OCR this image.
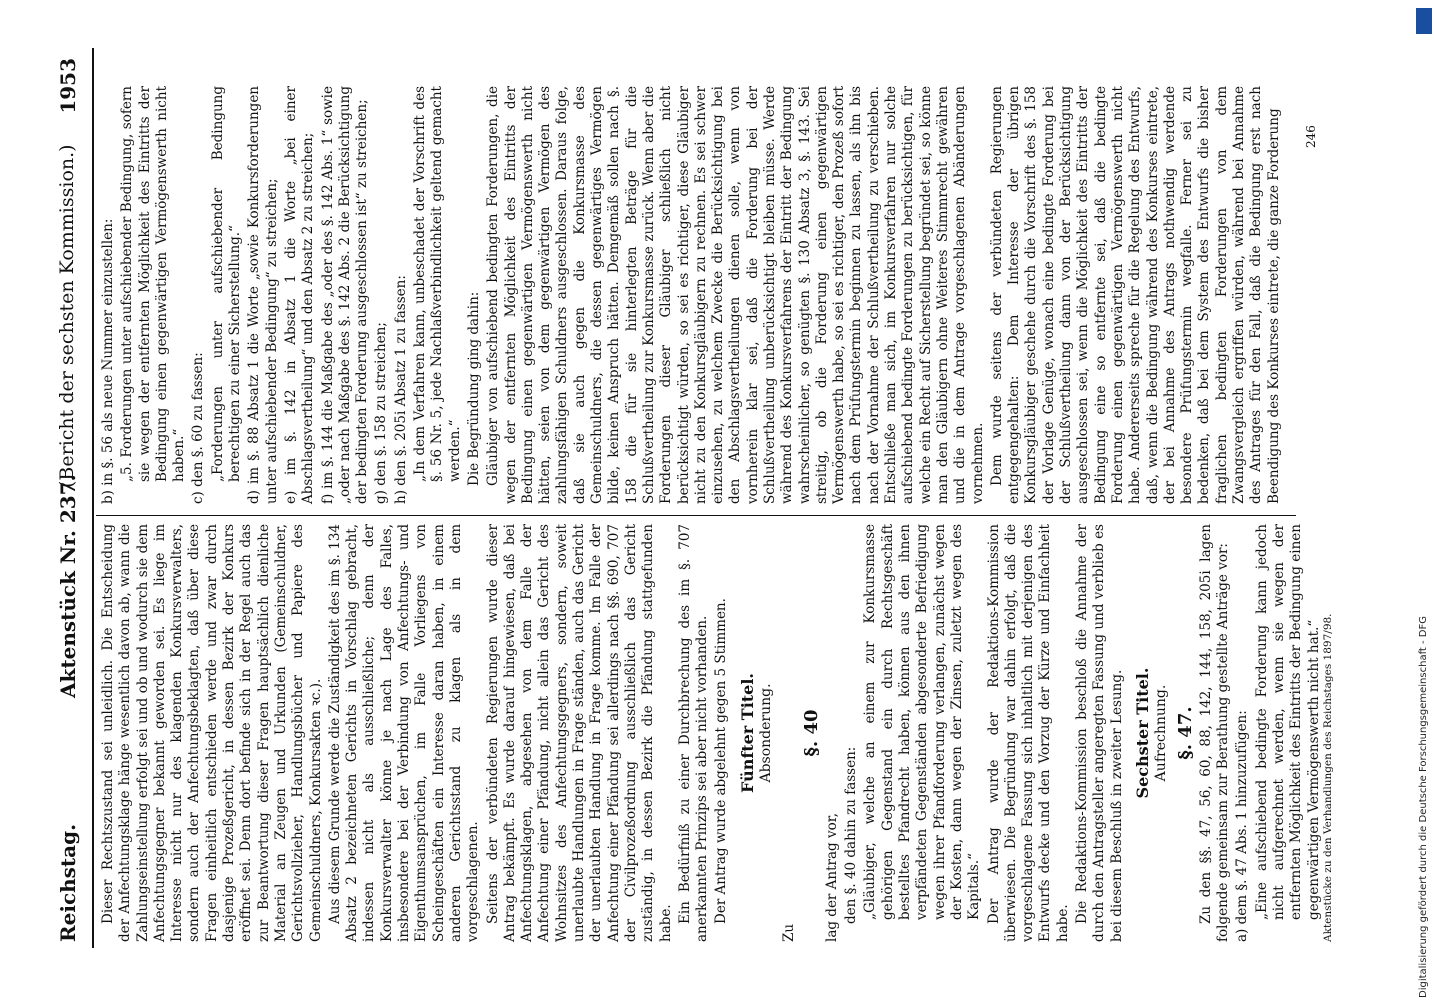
Reichstag.
Aktenstück Nr. 237.
(Bericht der sechsten Kommission.)
1953

Dieser Rechtszustand sei unleidlich. Die Entscheidung der Anfechtungsklage hänge wesentlich davon ab, wann die Zahlungseinstellung erfolgt sei und ob und wodurch sie dem Anfechtungsgegner bekannt geworden sei. Es liege im Interesse nicht nur des klagenden Konkursverwalters, sondern auch der Anfechtungsbeklagten, daß über diese Fragen einheitlich entschieden werde und zwar durch dasjenige Prozeßgericht, in dessen Bezirk der Konkurs eröffnet sei. Denn dort befinde sich in der Regel auch das zur Beantwortung dieser Fragen hauptsächlich dienliche Material an Zeugen und Urkunden (Gemeinschuldner, Gerichtsvollzieher, Handlungsbücher und Papiere des Gemeinschuldners, Konkursakten ꝛc.). Aus diesem Grunde werde die Zuständigkeit des im §. 134 Absatz 2 bezeichneten Gerichts in Vorschlag gebracht, indessen nicht als ausschließliche; denn der Konkursverwalter könne je nach Lage des Falles, insbesondere bei der Verbindung von Anfechtungs- und Eigenthumsansprüchen, im Falle Vorliegens von Scheingeschäften ein Interesse daran haben, in einem anderen Gerichtsstand zu klagen als in dem vorgeschlagenen. Seitens der verbündeten Regierungen wurde dieser Antrag bekämpft. Es wurde darauf hingewiesen, daß bei Anfechtungsklagen, abgesehen von dem Falle der Anfechtung einer Pfändung, nicht allein das Gericht des Wohnsitzes des Anfechtungsgegners, sondern, soweit unerlaubte Handlungen in Frage ständen, auch das Gericht der unerlaubten Handlung in Frage komme. Im Falle der Anfechtung einer Pfändung sei allerdings nach §§. 690, 707 der Civilprozeßordnung ausschließlich das Gericht zuständig, in dessen Bezirk die Pfändung stattgefunden habe. Ein Bedürfniß zu einer Durchbrechung des im §. 707 anerkannten Prinzips sei aber nicht vorhanden. Der Antrag wurde abgelehnt gegen 5 Stimmen. Fünfter Titel. Absonderung.

Zu

§. 40

lag der Antrag vor, den §. 40 dahin zu fassen: „Gläubiger, welche an einem zur Konkursmasse gehörigen Gegenstand ein durch Rechtsgeschäft bestelltes Pfandrecht haben, können aus den ihnen verpfändeten Gegenständen abgesonderte Befriedigung wegen ihrer Pfandforderung verlangen, zunächst wegen der Kosten, dann wegen der Zinsen, zuletzt wegen des Kapitals.“ Der Antrag wurde der Redaktions-Kommission überwiesen. Die Begründung war dahin erfolgt, daß die vorgeschlagene Fassung sich inhaltlich mit derjenigen des Entwurfs decke und den Vorzug der Kürze und Einfachheit habe. Die Redaktions-Kommission beschloß die Annahme der durch den Antragsteller angeregten Fassung und verblieb es bei diesem Beschluß in zweiter Lesung. Sechster Titel. Aufrechnung. §. 47. Zu den §§. 47, 56, 60, 88, 142, 144, 158, 205i lagen folgende gemeinsam zur Berathung gestellte Anträge vor: a) dem §. 47 Abs. 1 hinzuzufügen: „Eine aufschiebend bedingte Forderung kann jedoch nicht aufgerechnet werden, wenn sie wegen der entfernten Möglichkeit des Eintritts der Bedingung einen gegenwärtigen Vermögenswerth nicht hat.“

b) in §. 56 als neue Nummer einzustellen: „5. Forderungen unter aufschiebender Bedingung, sofern sie wegen der entfernten Möglichkeit des Eintritts der Bedingung einen gegenwärtigen Vermögenswerth nicht haben.“ c) den §. 60 zu fassen: „Forderungen unter aufschiebender Bedingung berechtigen zu einer Sicherstellung.“ d) im §. 88 Absatz 1 die Worte „sowie Konkursforderungen unter aufschiebender Bedingung“ zu streichen; e) im §. 142 in Absatz 1 die Worte „bei einer Abschlagsvertheilung“ und den Absatz 2 zu streichen; f) im §. 144 die Maßgabe des „oder des §. 142 Abs. 1“ sowie „oder nach Maßgabe des §. 142 Abs. 2 die Berücksichtigung der bedingten Forderung ausgeschlossen ist“ zu streichen; g) den §. 158 zu streichen; h) den §. 205i Absatz 1 zu fassen: „In dem Verfahren kann, unbeschadet der Vorschrift des §. 56 Nr. 5, jede Nachlaßverbindlichkeit geltend gemacht werden.“ Die Begründung ging dahin: Gläubiger von aufschiebend bedingten Forderungen, die wegen der entfernten Möglichkeit des Eintritts der Bedingung einen gegenwärtigen Vermögenswerth nicht hätten, seien von dem gegenwärtigen Vermögen des zahlungsfähigen Schuldners ausgeschlossen. Daraus folge, daß sie auch gegen die Konkursmasse des Gemeinschuldners, die dessen gegenwärtiges Vermögen bilde, keinen Anspruch hätten. Demgemäß sollen nach §. 158 die für sie hinterlegten Beträge für die Schlußvertheilung zur Konkursmasse zurück. Wenn aber die Forderungen dieser Gläubiger schließlich nicht berücksichtigt würden, so sei es richtiger, diese Gläubiger nicht zu den Konkursgläubigern zu rechnen. Es sei schwer einzusehen, zu welchem Zwecke die Berücksichtigung bei den Abschlagsvertheilungen dienen solle, wenn von vornherein klar sei, daß die Forderung bei der Schlußvertheilung unberücksichtigt bleiben müsse. Werde während des Konkursverfahrens der Eintritt der Bedingung wahrscheinlicher, so genügten §. 130 Absatz 3, §. 143. Sei streitig, ob die Forderung einen gegenwärtigen Vermögenswerth habe, so sei es richtiger, den Prozeß sofort nach dem Prüfungstermin beginnen zu lassen, als ihn bis nach der Vornahme der Schlußvertheilung zu verschieben. Entschließe man sich, im Konkursverfahren nur solche aufschiebend bedingte Forderungen zu berücksichtigen, für welche ein Recht auf Sicherstellung begründet sei, so könne man den Gläubigern ohne Weiteres Stimmrecht gewähren und die in dem Antrage vorgeschlagenen Abänderungen vornehmen. Dem wurde seitens der verbündeten Regierungen entgegengehalten: Dem Interesse der übrigen Konkursgläubiger geschehe durch die Vorschrift des §. 158 der Vorlage Genüge, wonach eine bedingte Forderung bei der Schlußvertheilung dann von der Berücksichtigung ausgeschlossen sei, wenn die Möglichkeit des Eintritts der Bedingung eine so entfernte sei, daß die bedingte Forderung einen gegenwärtigen Vermögenswerth nicht habe. Andererseits spreche für die Regelung des Entwurfs, daß, wenn die Bedingung während des Konkurses eintrete, der bei Annahme des Antrags nothwendig werdende besondere Prüfungstermin wegfalle. Ferner sei zu bedenken, daß bei dem System des Entwurfs die bisher fraglichen bedingten Forderungen von dem Zwangsvergleich ergriffen würden, während bei Annahme des Antrages für den Fall, daß die Bedingung erst nach Beendigung des Konkurses eintrete, die ganze Forderung 246
Aktenstücke zu den Verhandlungen des Reichstages 1897/98.	Digitalisierung gefördert durch die Deutsche Forschungsgemeinschaft - DFG
